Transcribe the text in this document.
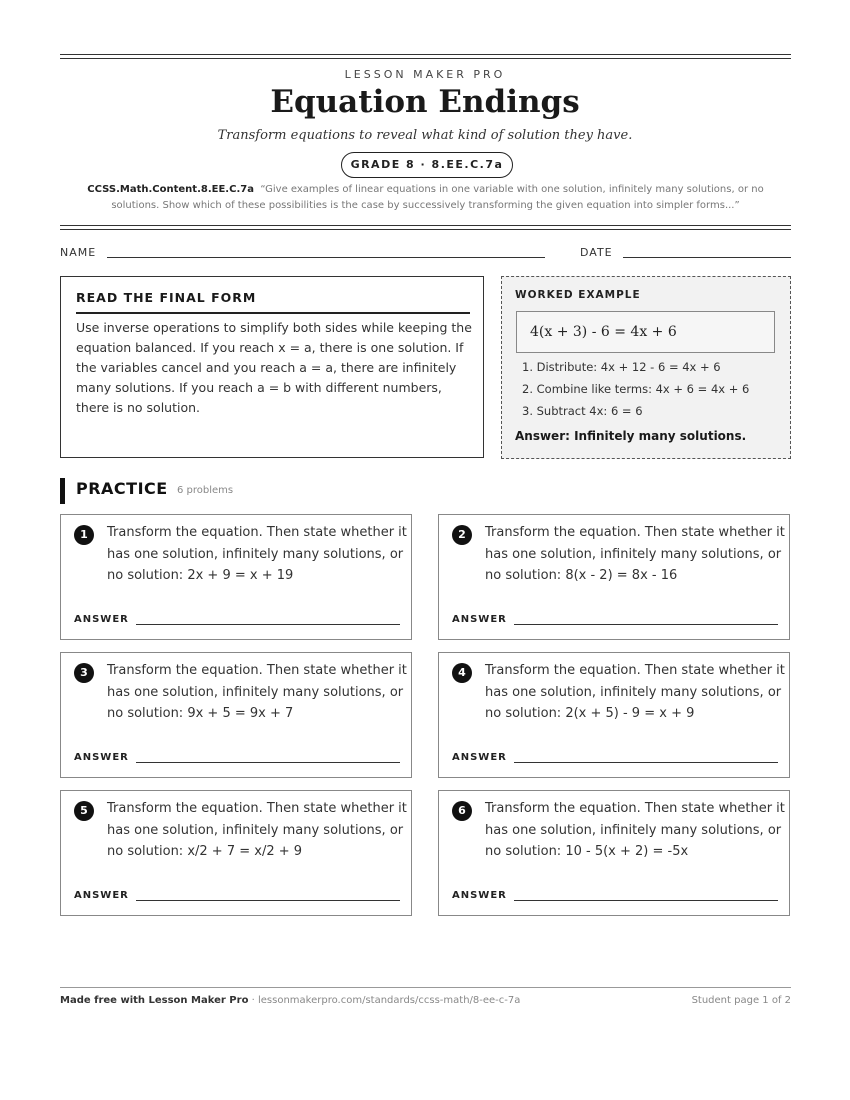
LESSON MAKER PRO
Equation Endings
Transform equations to reveal what kind of solution they have.
GRADE 8 · 8.EE.C.7a
CCSS.Math.Content.8.EE.C.7a “Give examples of linear equations in one variable with one solution, infinitely many solutions, or no solutions. Show which of these possibilities is the case by successively transforming the given equation into simpler forms...”
NAME	DATE
READ THE FINAL FORM
Use inverse operations to simplify both sides while keeping the equation balanced. If you reach x = a, there is one solution. If the variables cancel and you reach a = a, there are infinitely many solutions. If you reach a = b with different numbers, there is no solution.
WORKED EXAMPLE
4(x + 3) - 6 = 4x + 6
1. Distribute: 4x + 12 - 6 = 4x + 6
2. Combine like terms: 4x + 6 = 4x + 6
3. Subtract 4x: 6 = 6
Answer: Infinitely many solutions.
PRACTICE 6 problems
1	Transform the equation. Then state whether it has one solution, infinitely many solutions, or no solution: 2x + 9 = x + 19
ANSWER
2	Transform the equation. Then state whether it has one solution, infinitely many solutions, or no solution: 8(x - 2) = 8x - 16
ANSWER
3	Transform the equation. Then state whether it has one solution, infinitely many solutions, or no solution: 9x + 5 = 9x + 7
ANSWER
4	Transform the equation. Then state whether it has one solution, infinitely many solutions, or no solution: 2(x + 5) - 9 = x + 9
ANSWER
5	Transform the equation. Then state whether it has one solution, infinitely many solutions, or no solution: x/2 + 7 = x/2 + 9
ANSWER
6	Transform the equation. Then state whether it has one solution, infinitely many solutions, or no solution: 10 - 5(x + 2) = -5x
ANSWER
Made free with Lesson Maker Pro · lessonmakerpro.com/standards/ccss-math/8-ee-c-7a	Student page 1 of 2
